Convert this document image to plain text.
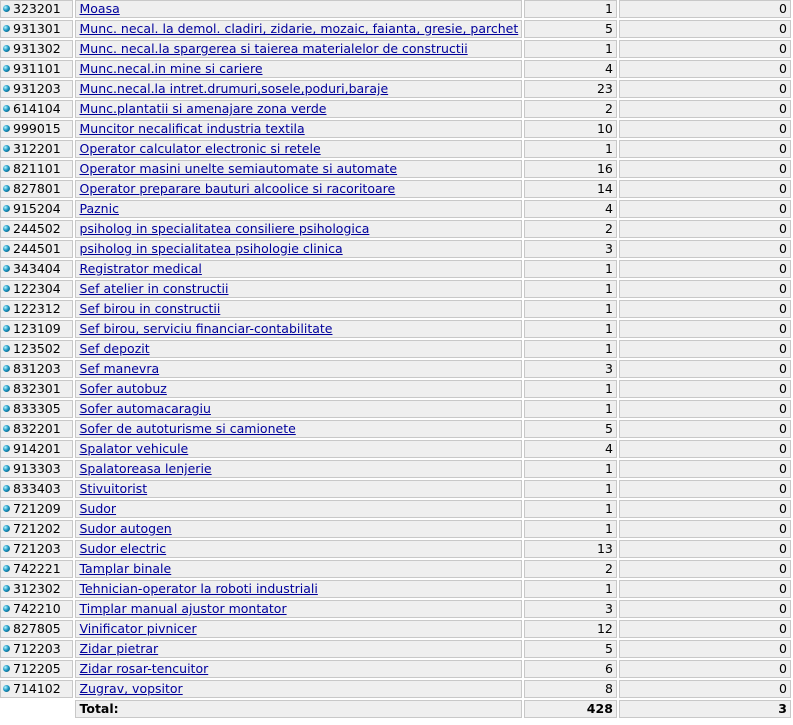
323201	Moasa	1	0
931301	Munc. necal. la demol. cladiri, zidarie, mozaic, faianta, gresie, parchet	5	0
931302	Munc. necal.la spargerea si taierea materialelor de constructii	1	0
931101	Munc.necal.in mine si cariere	4	0
931203	Munc.necal.la intret.drumuri,sosele,poduri,baraje	23	0
614104	Munc.plantatii si amenajare zona verde	2	0
999015	Muncitor necalificat industria textila	10	0
312201	Operator calculator electronic si retele	1	0
821101	Operator masini unelte semiautomate si automate	16	0
827801	Operator preparare bauturi alcoolice si racoritoare	14	0
915204	Paznic	4	0
244502	psiholog in specialitatea consiliere psihologica	2	0
244501	psiholog in specialitatea psihologie clinica	3	0
343404	Registrator medical	1	0
122304	Sef atelier in constructii	1	0
122312	Sef birou in constructii	1	0
123109	Sef birou, serviciu financiar-contabilitate	1	0
123502	Sef depozit	1	0
831203	Sef manevra	3	0
832301	Sofer autobuz	1	0
833305	Sofer automacaragiu	1	0
832201	Sofer de autoturisme si camionete	5	0
914201	Spalator vehicule	4	0
913303	Spalatoreasa lenjerie	1	0
833403	Stivuitorist	1	0
721209	Sudor	1	0
721202	Sudor autogen	1	0
721203	Sudor electric	13	0
742221	Tamplar binale	2	0
312302	Tehnician-operator la roboti industriali	1	0
742210	Timplar manual ajustor montator	3	0
827805	Vinificator pivnicer	12	0
712203	Zidar pietrar	5	0
712205	Zidar rosar-tencuitor	6	0
714102	Zugrav, vopsitor	8	0
	Total:	428	3
